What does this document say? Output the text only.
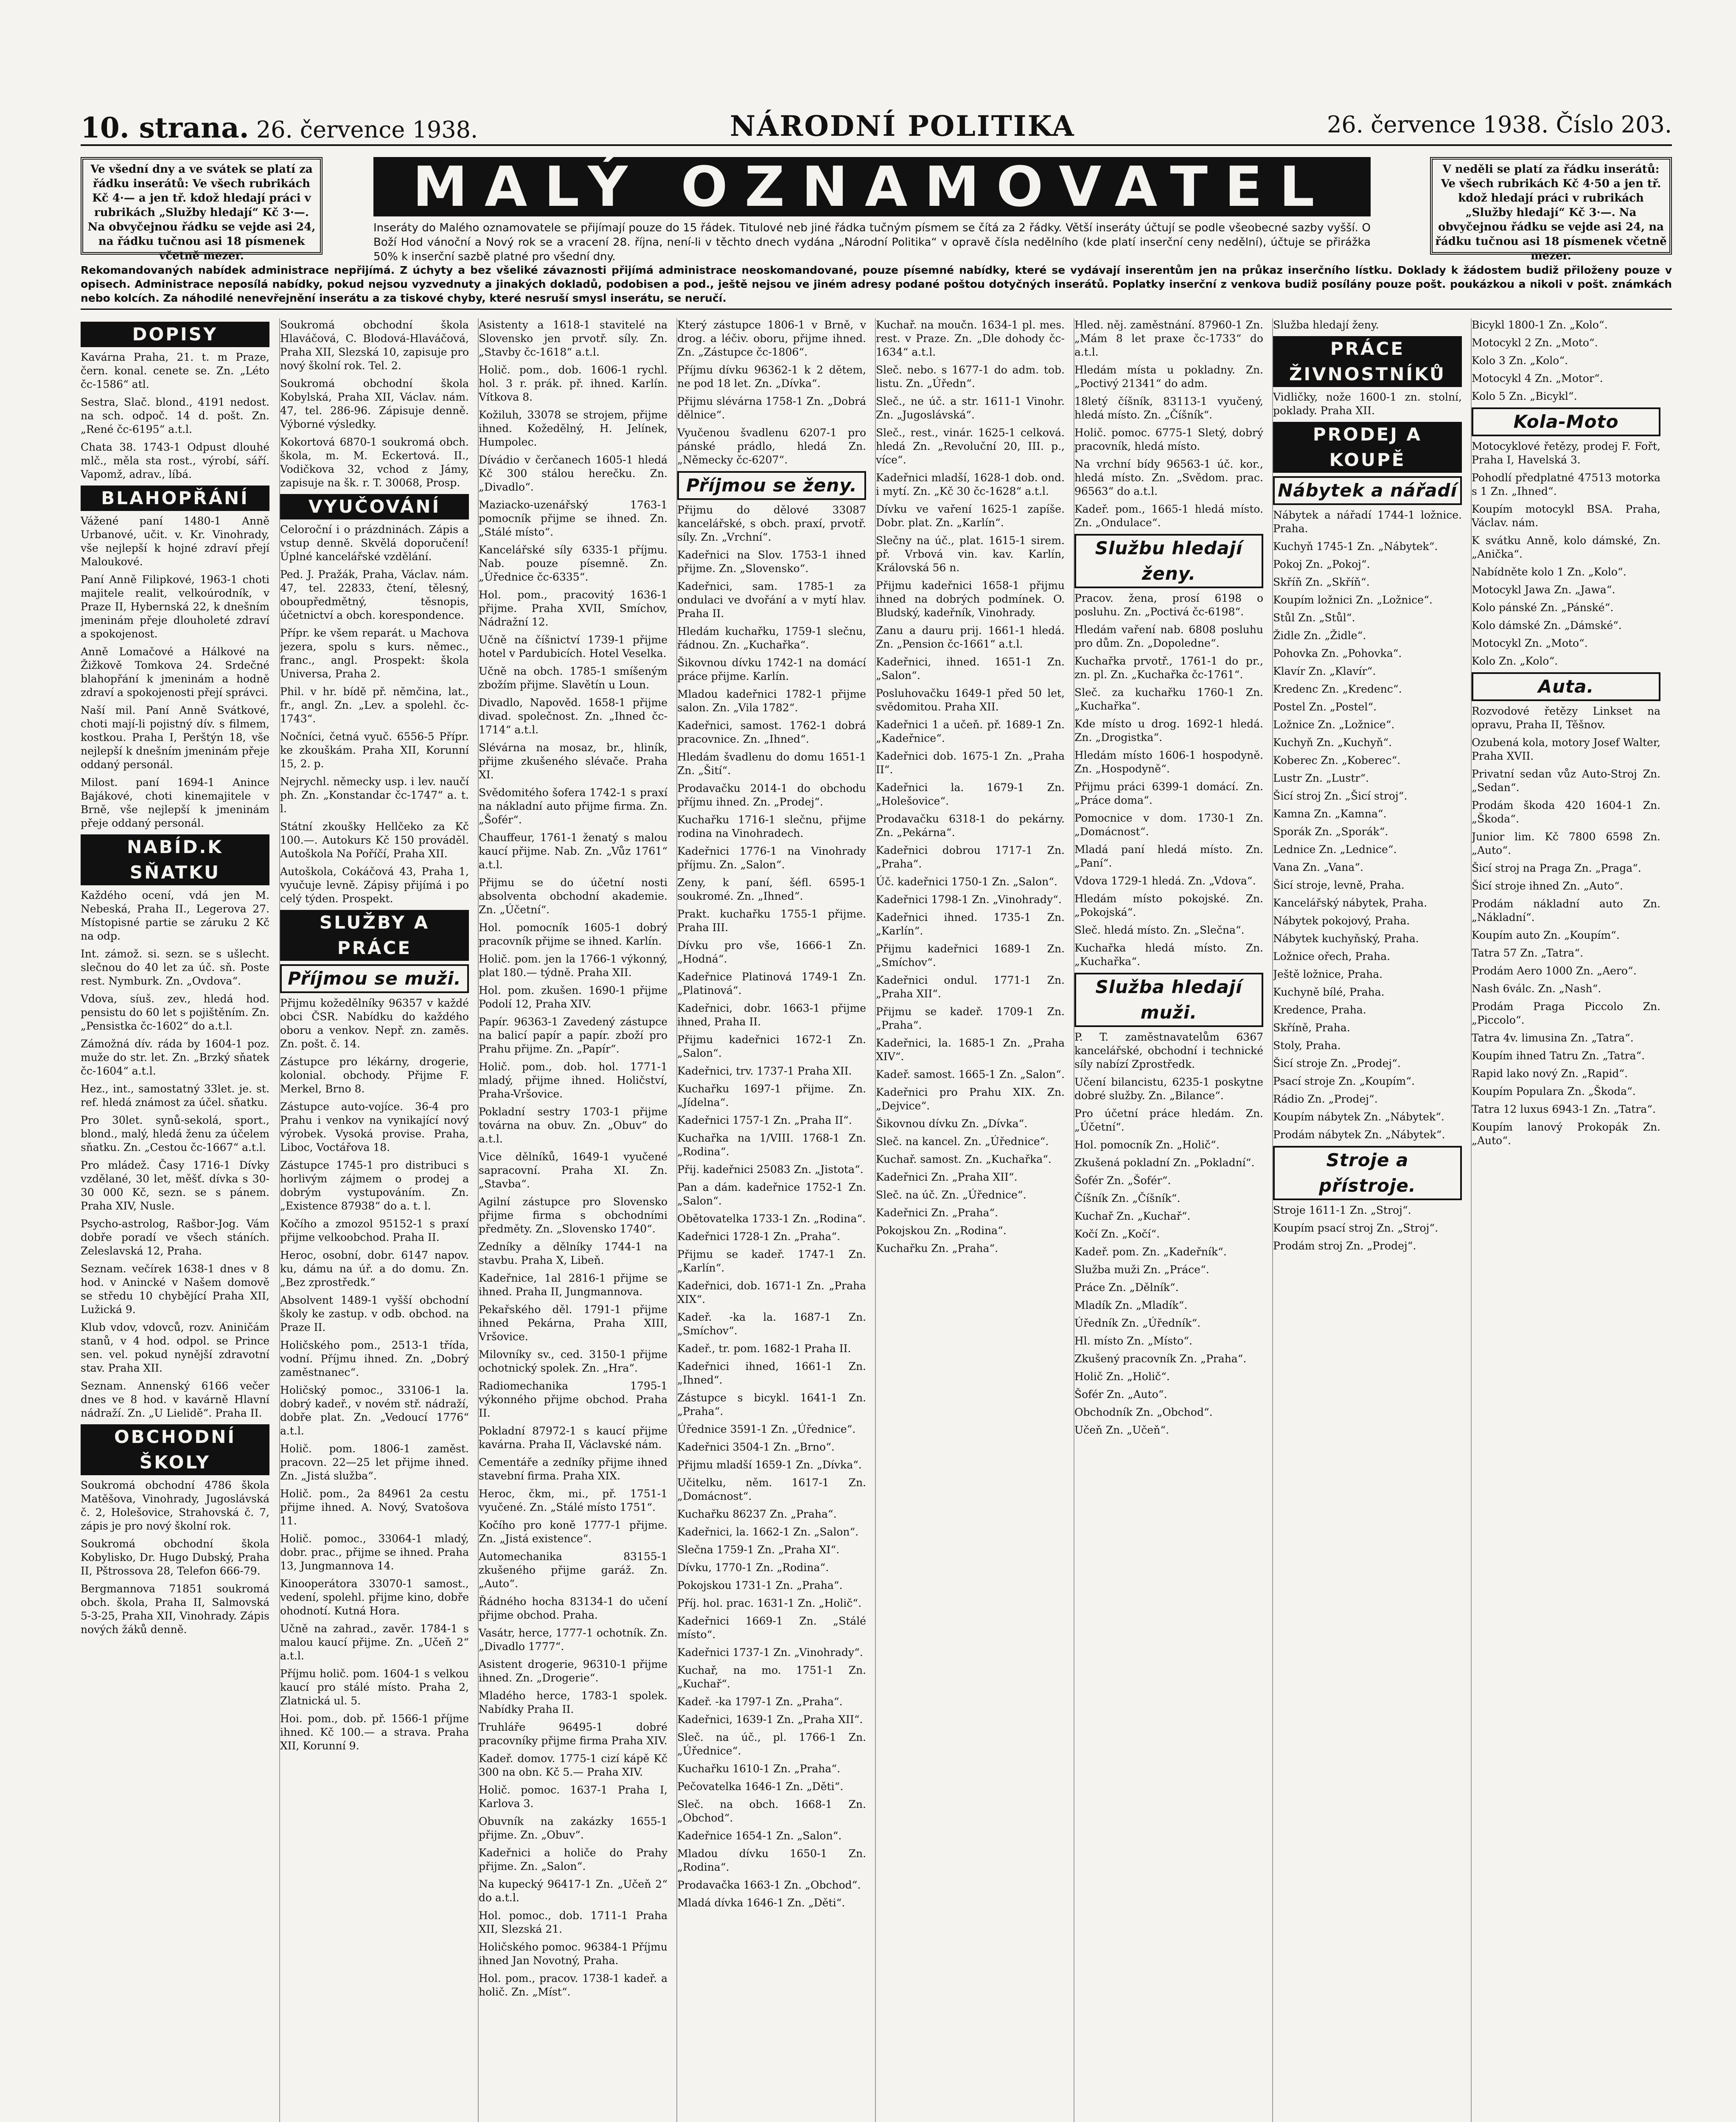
10. strana. 26. července 1938.	NÁRODNÍ POLITIKA	26. července 1938. Číslo 203.
Ve všední dny a ve svátek se platí za řádku inserátů: Ve všech rubrikách Kč 4·— a jen tř. kdož hledají práci v rubrikách „Služby hledají“ Kč 3·—. Na obvyčejnou řádku se vejde asi 24, na řádku tučnou asi 18 písmenek včetně mezer.
MALÝ OZNAMOVATEL
Inseráty do Malého oznamovatele se přijímají pouze do 15 řádek. Titulové neb jiné řádka tučným písmem se čítá za 2 řádky. Větší inseráty účtují se podle všeobecné sazby vyšší. O Boží Hod vánoční a Nový rok se a vracení 28. října, není-li v těchto dnech vydána „Národní Politika“ v opravě čísla nedělního (kde platí inserční ceny nedělní), účtuje se přirážka 50% k inserční sazbě platné pro všední dny.
V neděli se platí za řádku inserátů: Ve všech rubrikách Kč 4·50 a jen tř. kdož hledají práci v rubrikách „Služby hledají“ Kč 3·—. Na obvyčejnou řádku se vejde asi 24, na řádku tučnou asi 18 písmenek včetně mezer.
Rekomandovaných nabídek administrace nepřijímá. Z úchyty a bez všeliké závaznosti přijímá administrace neoskomandované, pouze písemné nabídky, které se vydávají inserentům jen na průkaz inserčního lístku. Doklady k žádostem budiž přiloženy pouze v opisech. Administrace neposílá nabídky, pokud nejsou vyzvednuty a jinakých dokladů, podobisen a pod., ještě nejsou ve jiném adresy podané poštou dotyčných inserátů. Poplatky inserční z venkova budiž posílány pouze pošt. poukázkou a nikoli v pošt. známkách nebo kolcích. Za náhodilé nenevřejnění inserátu a za tiskové chyby, které nesruší smysl inserátu, se neručí.
DOPISY
Kavárna Praha, 21. t. m Praze, čern. konal. cenete se. Zn. „Léto čc-1586“ atl.
Sestra, Slač. blond., 4191 nedost. na sch. odpoč. 14 d. pošt. Zn. „René čc-6195“ a.t.l.
Chata 38. 1743-1 Odpust dlouhé mlč., měla sta rost., výrobí, sáří. Vapomž, adrav., líbá.
BLAHOPŘÁNÍ
Vážené paní 1480-1 Anně Urbanové, učit. v. Kr. Vinohrady, vše nejlepší k hojné zdraví přejí Maloukové.
Paní Anně Filipkové, 1963-1 choti majitele realit, velkoúrodník, v Praze II, Hybernská 22, k dnešním jmeninám přeje dlouholeté zdraví a spokojenost.
Anně Lomačové a Hálkové na Žižkově Tomkova 24. Srdečné blahopřání k jmeninám a hodně zdraví a spokojenosti přejí správci.
Naší mil. Paní Anně Svátkové, choti mají-li pojistný dív. s filmem, kostkou. Praha I, Perštýn 18, vše nejlepší k dnešním jmeninám přeje oddaný personál.
Milost. paní 1694-1 Anince Bajákové, choti kinemajitele v Brně, vše nejlepší k jmeninám přeje oddaný personál.
NABÍD.K SŇATKU
Každého ocení, vdá jen M. Nebeská, Praha II., Legerova 27. Místopisné partie se záruku 2 Kč na odp.
Int. zámož. si. sezn. se s ušlecht. slečnou do 40 let za úč. sň. Poste rest. Nymburk. Zn. „Ovdova“.
Vdova, síuš. zev., hledá hod. pensistu do 60 let s pojištěním. Zn. „Pensistka čc-1602“ do a.t.l.
Zámožná dív. ráda by 1604-1 poz. muže do str. let. Zn. „Brzký sňatek čc-1604“ a.t.l.
Hez., int., samostatný 33let. je. st. ref. hledá známost za účel. sňatku.
Pro 30let. synů-sekolá, sport., blond., malý, hledá ženu za účelem sňatku. Zn. „Cestou čc-1667“ a.t.l.
Pro mládež. Časy 1716-1 Dívky vzdělané, 30 let, měšť. dívka s 30-30 000 Kč, sezn. se s pánem. Praha XIV, Nusle.
Psycho-astrolog, Rašbor-Jog. Vám dobře poradí ve všech stáních. Zeleslavská 12, Praha.
Seznam. večírek 1638-1 dnes v 8 hod. v Anincké v Našem domově se středu 10 chybějící Praha XII, Lužická 9.
Klub vdov, vdovců, rozv. Aniničám stanů, v 4 hod. odpol. se Prince sen. vel. pokud nynější zdravotní stav. Praha XII.
Seznam. Annenský 6166 večer dnes ve 8 hod. v kavárně Hlavní nádraží. Zn. „U Lielidě“. Praha II.
OBCHODNÍ ŠKOLY
Soukromá obchodní 4786 škola Matěšova, Vinohrady, Jugoslávská č. 2, Holešovice, Strahovská č. 7, zápis je pro nový školní rok.
Soukromá obchodní škola Kobylisko, Dr. Hugo Dubský, Praha II, Pštrossova 28, Telefon 666-79.
Bergmannova 71851 soukromá obch. škola, Praha II, Salmovská 5-3-25, Praha XII, Vinohrady. Zápis nových žáků denně.
Soukromá obchodní škola Hlaváčová, C. Blodová-Hlaváčová, Praha XII, Slezská 10, zapisuje pro nový školní rok. Tel. 2.
Soukromá obchodní škola Kobylská, Praha XII, Václav. nám. 47, tel. 286-96. Zápisuje denně. Výborné výsledky.
Kokortová 6870-1 soukromá obch. škola, m. M. Eckertová. II., Vodičkova 32, vchod z Jámy, zapisuje na šk. r. T. 30068, Prosp.
VYUČOVÁNÍ
Celoroční i o prázdninách. Zápis a vstup denně. Skvělá doporučení! Úplné kancelářské vzdělání.
Ped. J. Pražák, Praha, Václav. nám. 47, tel. 22833, čtení, tělesný, oboupředmětný, těsnopis, účetnictví a obch. korespondence.
Přípr. ke všem reparát. u Machova jezera, spolu s kurs. němec., franc., angl. Prospekt: škola Universa, Praha 2.
Phil. v hr. bídě př. němčina, lat., fr., angl. Zn. „Lev. a spolehl. čc-1743“.
Nočníci, četná vyuč. 6556-5 Přípr. ke zkouškám. Praha XII, Korunní 15, 2. p.
Nejrychl. německy usp. i lev. naučí ph. Zn. „Konstandar čc-1747“ a. t. l.
Státní zkoušky Hellčeko za Kč 100.—. Autokurs Kč 150 prováděl. Autoškola Na Poříčí, Praha XII.
Autoškola, Cokáčová 43, Praha 1, vyučuje levně. Zápisy přijímá i po celý týden. Prospekt.
SLUŽBY A PRÁCE
Příjmou se muži.
Přijmu kožedělníky 96357 v každé obci ČSR. Nabídku do každého oboru a venkov. Nepř. zn. zaměs. Zn. pošt. č. 14.
Zástupce pro lékárny, drogerie, kolonial. obchody. Přijme F. Merkel, Brno 8.
Zástupce auto-vojíce. 36-4 pro Prahu i venkov na vynikající nový výrobek. Vysoká provise. Praha, Liboc, Voctářova 18.
Zástupce 1745-1 pro distribuci s horlivým zájmem o prodej a dobrým vystupováním. Zn. „Existence 87938“ do a. t. l.
Kočího a zmozol 95152-1 s praxí přijme velkoobchod. Praha II.
Heroc, osobní, dobr. 6147 napov. ku, dámu na úř. a do domu. Zn. „Bez zprostředk.“
Absolvent 1489-1 vyšší obchodní školy ke zastup. v odb. obchod. na Praze II.
Holičského pom., 2513-1 třída, vodní. Příjmu ihned. Zn. „Dobrý zaměstnanec“.
Holičský pomoc., 33106-1 la. dobrý kadeř., v novém stř. nádraží, dobře plat. Zn. „Vedoucí 1776“ a.t.l.
Holič. pom. 1806-1 zaměst. pracovn. 22—25 let přijme ihned. Zn. „Jistá služba“.
Holič. pom., 2a 84961 2a cestu přijme ihned. A. Nový, Svatošova 11.
Holič. pomoc., 33064-1 mladý, dobr. prac., přijme se ihned. Praha 13, Jungmannova 14.
Kinooperátora 33070-1 samost., vedení, spolehl. přijme kino, dobře ohodnotí. Kutná Hora.
Učně na zahrad., zavěr. 1784-1 s malou kaucí přijme. Zn. „Učeň 2“ a.t.l.
Příjmu holič. pom. 1604-1 s velkou kaucí pro stálé místo. Praha 2, Zlatnická ul. 5.
Hoi. pom., dob. př. 1566-1 příjme ihned. Kč 100.— a strava. Praha XII, Korunní 9.
Asistenty a 1618-1 stavitelé na Slovensko jen prvotř. síly. Zn. „Stavby čc-1618“ a.t.l.
Holič. pom., dob. 1606-1 rychl. hol. 3 r. prák. př. ihned. Karlín. Vítkova 8.
Kožiluh, 33078 se strojem, přijme ihned. Kožedělný, H. Jelínek, Humpolec.
Dívádio v čerčanech 1605-1 hledá Kč 300 stálou herečku. Zn. „Divadlo“.
Maziacko-uzenářský 1763-1 pomocník přijme se ihned. Zn. „Stálé místo“.
Kancelářské síly 6335-1 příjmu. Nab. pouze písemně. Zn. „Úřednice čc-6335“.
Hol. pom., pracovitý 1636-1 přijme. Praha XVII, Smíchov, Nádražní 12.
Učně na číšnictví 1739-1 přijme hotel v Pardubicích. Hotel Veselka.
Učně na obch. 1785-1 smíšeným zbožím přijme. Slavětín u Loun.
Divadlo, Napověd. 1658-1 přijme divad. společnost. Zn. „Ihned čc-1714“ a.t.l.
Slévárna na mosaz, br., hliník, přijme zkušeného slévače. Praha XI.
Svědomitého šofera 1742-1 s praxí na nákladní auto přijme firma. Zn. „Šofér“.
Chauffeur, 1761-1 ženatý s malou kaucí přijme. Nab. Zn. „Vůz 1761“ a.t.l.
Přijmu se do účetní nosti absolventa obchodní akademie. Zn. „Účetní“.
Hol. pomocník 1605-1 dobrý pracovník přijme se ihned. Karlín.
Holič. pom. jen la 1766-1 výkonný, plat 180.— týdně. Praha XII.
Hol. pom. zkušen. 1690-1 přijme Podolí 12, Praha XIV.
Papír. 96363-1 Zavedený zástupce na balicí papír a papír. zboží pro Prahu přijme. Zn. „Papír“.
Holič. pom., dob. hol. 1771-1 mladý, přijme ihned. Holičství, Praha-Vršovice.
Pokladní sestry 1703-1 přijme továrna na obuv. Zn. „Obuv“ do a.t.l.
Vice dělníků, 1649-1 vyučené sapracovní. Praha XI. Zn. „Stavba“.
Agilní zástupce pro Slovensko přijme firma s obchodními předměty. Zn. „Slovensko 1740“.
Zedníky a dělníky 1744-1 na stavbu. Praha X, Libeň.
Kadeřnice, 1al 2816-1 přijme se ihned. Praha II, Jungmannova.
Pekařského děl. 1791-1 přijme ihned Pekárna, Praha XIII, Vršovice.
Milovníky sv., ced. 3150-1 přijme ochotnický spolek. Zn. „Hra“.
Radiomechanika 1795-1 výkonného přijme obchod. Praha II.
Pokladní 87972-1 s kaucí přijme kavárna. Praha II, Václavské nám.
Cementáře a zedníky přijme ihned stavební firma. Praha XIX.
Heroc, čkm, mi., př. 1751-1 vyučené. Zn. „Stálé místo 1751“.
Kočího pro koně 1777-1 přijme. Zn. „Jistá existence“.
Automechanika 83155-1 zkušeného přijme garáž. Zn. „Auto“.
Řádného hocha 83134-1 do učení přijme obchod. Praha.
Vasátr, herce, 1777-1 ochotník. Zn. „Divadlo 1777“.
Asistent drogerie, 96310-1 přijme ihned. Zn. „Drogerie“.
Mladého herce, 1783-1 spolek. Nabídky Praha II.
Truhláře 96495-1 dobré pracovníky přijme firma Praha XIV.
Kadeř. domov. 1775-1 cizí kápě Kč 300 na obn. Kč 5.— Praha XIV.
Holič. pomoc. 1637-1 Praha I, Karlova 3.
Obuvník na zakázky 1655-1 přijme. Zn. „Obuv“.
Kadeřnici a holiče do Prahy přijme. Zn. „Salon“.
Na kupecký 96417-1 Zn. „Učeň 2“ do a.t.l.
Hol. pomoc., dob. 1711-1 Praha XII, Slezská 21.
Holičského pomoc. 96384-1 Příjmu ihned Jan Novotný, Praha.
Hol. pom., pracov. 1738-1 kadeř. a holič. Zn. „Míst“.
Který zástupce 1806-1 v Brně, v drog. a léčiv. oboru, přijme ihned. Zn. „Zástupce čc-1806“.
Příjmu dívku 96362-1 k 2 dětem, ne pod 18 let. Zn. „Dívka“.
Přijmu slévárna 1758-1 Zn. „Dobrá dělnice“.
Vyučenou švadlenu 6207-1 pro pánské prádlo, hledá Zn. „Německy čc-6207“.
Příjmou se ženy.
Přijmu do dělové 33087 kancelářské, s obch. praxí, prvotř. síly. Zn. „Vrchní“.
Kadeřnici na Slov. 1753-1 ihned přijme. Zn. „Slovensko“.
Kadeřnici, sam. 1785-1 za ondulaci ve dvořání a v mytí hlav. Praha II.
Hledám kuchařku, 1759-1 slečnu, řádnou. Zn. „Kuchařka“.
Šikovnou dívku 1742-1 na domácí práce přijme. Karlín.
Mladou kadeřnici 1782-1 přijme salon. Zn. „Vila 1782“.
Kadeřnici, samost. 1762-1 dobrá pracovnice. Zn. „Ihned“.
Hledám švadlenu do domu 1651-1 Zn. „Šití“.
Prodavačku 2014-1 do obchodu příjmu ihned. Zn. „Prodej“.
Kuchařku 1716-1 slečnu, přijme rodina na Vinohradech.
Kadeřnici 1776-1 na Vinohrady příjmu. Zn. „Salon“.
Zeny, k paní, šéfl. 6595-1 soukromé. Zn. „Ihned“.
Prakt. kuchařku 1755-1 přijme. Praha III.
Dívku pro vše, 1666-1 Zn. „Hodná“.
Kadeřnice Platinová 1749-1 Zn. „Platinová“.
Kadeřnici, dobr. 1663-1 přijme ihned, Praha II.
Přijmu kadeřnici 1672-1 Zn. „Salon“.
Kadeřnici, trv. 1737-1 Praha XII.
Kuchařku 1697-1 přijme. Zn. „Jídelna“.
Kadeřnici 1757-1 Zn. „Praha II“.
Kuchařka na 1/VIII. 1768-1 Zn. „Rodina“.
Přij. kadeřnici 25083 Zn. „Jistota“.
Pan a dám. kadeřnice 1752-1 Zn. „Salon“.
Obětovatelka 1733-1 Zn. „Rodina“.
Kadeřnici 1728-1 Zn. „Praha“.
Přijmu se kadeř. 1747-1 Zn. „Karlín“.
Kadeřnici, dob. 1671-1 Zn. „Praha XIX“.
Kadeř. -ka la. 1687-1 Zn. „Smíchov“.
Kadeř., tr. pom. 1682-1 Praha II.
Kadeřnici ihned, 1661-1 Zn. „Ihned“.
Zástupce s bicykl. 1641-1 Zn. „Praha“.
Úřednice 3591-1 Zn. „Úřednice“.
Kadeřnici 3504-1 Zn. „Brno“.
Přijmu mladší 1659-1 Zn. „Dívka“.
Učitelku, něm. 1617-1 Zn. „Domácnost“.
Kuchařku 86237 Zn. „Praha“.
Kadeřnici, la. 1662-1 Zn. „Salon“.
Slečna 1759-1 Zn. „Praha XI“.
Dívku, 1770-1 Zn. „Rodina“.
Pokojskou 1731-1 Zn. „Praha“.
Příj. hol. prac. 1631-1 Zn. „Holič“.
Kadeřnici 1669-1 Zn. „Stálé místo“.
Kadeřnici 1737-1 Zn. „Vinohrady“.
Kuchař, na mo. 1751-1 Zn. „Kuchař“.
Kadeř. -ka 1797-1 Zn. „Praha“.
Kadeřnici, 1639-1 Zn. „Praha XII“.
Sleč. na úč., pl. 1766-1 Zn. „Úřednice“.
Kuchařku 1610-1 Zn. „Praha“.
Pečovatelka 1646-1 Zn. „Děti“.
Sleč. na obch. 1668-1 Zn. „Obchod“.
Kadeřnice 1654-1 Zn. „Salon“.
Mladou dívku 1650-1 Zn. „Rodina“.
Prodavačka 1663-1 Zn. „Obchod“.
Mladá dívka 1646-1 Zn. „Děti“.
Kuchař. na moučn. 1634-1 pl. mes. rest. v Praze. Zn. „Dle dohody čc-1634“ a.t.l.
Sleč. nebo. s 1677-1 do adm. tob. listu. Zn. „Úředn“.
Sleč., ne úč. a str. 1611-1 Vinohr. Zn. „Jugoslávská“.
Sleč., rest., vinár. 1625-1 celková. hledá Zn. „Revoluční 20, III. p., více“.
Kadeřnici mladší, 1628-1 dob. ond. i mytí. Zn. „Kč 30 čc-1628“ a.t.l.
Dívku ve vaření 1625-1 zapíše. Dobr. plat. Zn. „Karlín“.
Slečny na úč., plat. 1615-1 sirem. př. Vrbová vin. kav. Karlín, Královská 56 n.
Přijmu kadeřnici 1658-1 přijmu ihned na dobrých podmínek. O. Bludský, kadeřník, Vinohrady.
Zanu a dauru prij. 1661-1 hledá. Zn. „Pension čc-1661“ a.t.l.
Kadeřnici, ihned. 1651-1 Zn. „Salon“.
Posluhovačku 1649-1 před 50 let, svědomitou. Praha XII.
Kadeřnici 1 a učeň. př. 1689-1 Zn. „Kadeřnice“.
Kadeřnici dob. 1675-1 Zn. „Praha II“.
Kadeřnici la. 1679-1 Zn. „Holešovice“.
Prodavačku 6318-1 do pekárny. Zn. „Pekárna“.
Kadeřnici dobrou 1717-1 Zn. „Praha“.
Úč. kadeřnici 1750-1 Zn. „Salon“.
Kadeřnici 1798-1 Zn. „Vinohrady“.
Kadeřnici ihned. 1735-1 Zn. „Karlín“.
Přijmu kadeřnici 1689-1 Zn. „Smíchov“.
Kadeřnici ondul. 1771-1 Zn. „Praha XII“.
Přijmu se kadeř. 1709-1 Zn. „Praha“.
Kadeřnici, la. 1685-1 Zn. „Praha XIV“.
Kadeř. samost. 1665-1 Zn. „Salon“.
Kadeřnici pro Prahu XIX. Zn. „Dejvice“.
Šikovnou dívku Zn. „Dívka“.
Sleč. na kancel. Zn. „Úřednice“.
Kuchař. samost. Zn. „Kuchařka“.
Kadeřnici Zn. „Praha XII“.
Sleč. na úč. Zn. „Úřednice“.
Kadeřnici Zn. „Praha“.
Pokojskou Zn. „Rodina“.
Kuchařku Zn. „Praha“.
Hled. něj. zaměstnání. 87960-1 Zn. „Mám 8 let praxe čc-1733“ do a.t.l.
Hledám místa u pokladny. Zn. „Poctivý 21341“ do adm.
18letý číšník, 83113-1 vyučený, hledá místo. Zn. „Číšník“.
Holič. pomoc. 6775-1 Sletý, dobrý pracovník, hledá místo.
Na vrchní bídy 96563-1 úč. kor., hledá místo. Zn. „Svědom. prac. 96563“ do a.t.l.
Kadeř. pom., 1665-1 hledá místo. Zn. „Ondulace“.
Službu hledají ženy.
Pracov. žena, prosí 6198 o posluhu. Zn. „Poctivá čc-6198“.
Hledám vaření nab. 6808 posluhu pro dům. Zn. „Dopoledne“.
Kuchařka prvotř., 1761-1 do pr., zn. pl. Zn. „Kuchařka čc-1761“.
Sleč. za kuchařku 1760-1 Zn. „Kuchařka“.
Kde místo u drog. 1692-1 hledá. Zn. „Drogistka“.
Hledám místo 1606-1 hospodyně. Zn. „Hospodyně“.
Přijmu práci 6399-1 domácí. Zn. „Práce doma“.
Pomocnice v dom. 1730-1 Zn. „Domácnost“.
Mladá paní hledá místo. Zn. „Paní“.
Vdova 1729-1 hledá. Zn. „Vdova“.
Hledám místo pokojské. Zn. „Pokojská“.
Sleč. hledá místo. Zn. „Slečna“.
Kuchařka hledá místo. Zn. „Kuchařka“.
Služba hledají muži.
P. T. zaměstnavatelům 6367 kancelářské, obchodní i technické síly nabízí Zprostředk.
Učení bilancistu, 6235-1 poskytne dobré služby. Zn. „Bilance“.
Pro účetní práce hledám. Zn. „Účetní“.
Hol. pomocník Zn. „Holič“.
Zkušená pokladní Zn. „Pokladní“.
Šofér Zn. „Šofér“.
Číšník Zn. „Číšník“.
Kuchař Zn. „Kuchař“.
Kočí Zn. „Kočí“.
Kadeř. pom. Zn. „Kadeřník“.
Služba muži Zn. „Práce“.
Práce Zn. „Dělník“.
Mladík Zn. „Mladík“.
Úředník Zn. „Úředník“.
Hl. místo Zn. „Místo“.
Zkušený pracovník Zn. „Praha“.
Holič Zn. „Holič“.
Šofér Zn. „Auto“.
Obchodník Zn. „Obchod“.
Učeň Zn. „Učeň“.
Služba hledají ženy.
PRÁCE ŽIVNOSTNÍKŮ
Vidličky, nože 1600-1 zn. stolní, poklady. Praha XII.
PRODEJ A KOUPĚ
Nábytek a nářadí
Nábytek a nářadí 1744-1 ložnice. Praha.
Kuchyň 1745-1 Zn. „Nábytek“.
Pokoj Zn. „Pokoj“.
Skříň Zn. „Skříň“.
Koupím ložnici Zn. „Ložnice“.
Stůl Zn. „Stůl“.
Židle Zn. „Židle“.
Pohovka Zn. „Pohovka“.
Klavír Zn. „Klavír“.
Kredenc Zn. „Kredenc“.
Postel Zn. „Postel“.
Ložnice Zn. „Ložnice“.
Kuchyň Zn. „Kuchyň“.
Koberec Zn. „Koberec“.
Lustr Zn. „Lustr“.
Šicí stroj Zn. „Šicí stroj“.
Kamna Zn. „Kamna“.
Sporák Zn. „Sporák“.
Lednice Zn. „Lednice“.
Vana Zn. „Vana“.
Šicí stroje, levně, Praha.
Kancelářský nábytek, Praha.
Nábytek pokojový, Praha.
Nábytek kuchyňský, Praha.
Ložnice ořech, Praha.
Ještě ložnice, Praha.
Kuchyně bílé, Praha.
Kredence, Praha.
Skříně, Praha.
Stoly, Praha.
Šicí stroje Zn. „Prodej“.
Psací stroje Zn. „Koupím“.
Rádio Zn. „Prodej“.
Koupím nábytek Zn. „Nábytek“.
Prodám nábytek Zn. „Nábytek“.
Stroje a přístroje.
Stroje 1611-1 Zn. „Stroj“.
Koupím psací stroj Zn. „Stroj“.
Prodám stroj Zn. „Prodej“.
Bicykl 1800-1 Zn. „Kolo“.
Motocykl 2 Zn. „Moto“.
Kolo 3 Zn. „Kolo“.
Motocykl 4 Zn. „Motor“.
Kolo 5 Zn. „Bicykl“.
Kola-Moto
Motocyklové řetězy, prodej F. Fořt, Praha I, Havelská 3.
Pohodlí předplatné 47513 motorka s 1 Zn. „Ihned“.
Koupím motocykl BSA. Praha, Václav. nám.
K svátku Anně, kolo dámské, Zn. „Anička“.
Nabídněte kolo 1 Zn. „Kolo“.
Motocykl Jawa Zn. „Jawa“.
Kolo pánské Zn. „Pánské“.
Kolo dámské Zn. „Dámské“.
Motocykl Zn. „Moto“.
Kolo Zn. „Kolo“.
Auta.
Rozvodové řetězy Linkset na opravu, Praha II, Těšnov.
Ozubená kola, motory Josef Walter, Praha XVII.
Privatní sedan vůz Auto-Stroj Zn. „Sedan“.
Prodám škoda 420 1604-1 Zn. „Škoda“.
Junior lim. Kč 7800 6598 Zn. „Auto“.
Šicí stroj na Praga Zn. „Praga“.
Šicí stroje ihned Zn. „Auto“.
Prodám nákladní auto Zn. „Nákladní“.
Koupím auto Zn. „Koupím“.
Tatra 57 Zn. „Tatra“.
Prodám Aero 1000 Zn. „Aero“.
Nash 6válc. Zn. „Nash“.
Prodám Praga Piccolo Zn. „Piccolo“.
Tatra 4v. limusina Zn. „Tatra“.
Koupím ihned Tatru Zn. „Tatra“.
Rapid lako nový Zn. „Rapid“.
Koupím Populara Zn. „Škoda“.
Tatra 12 luxus 6943-1 Zn. „Tatra“.
Koupím lanový Prokopák Zn. „Auto“.
